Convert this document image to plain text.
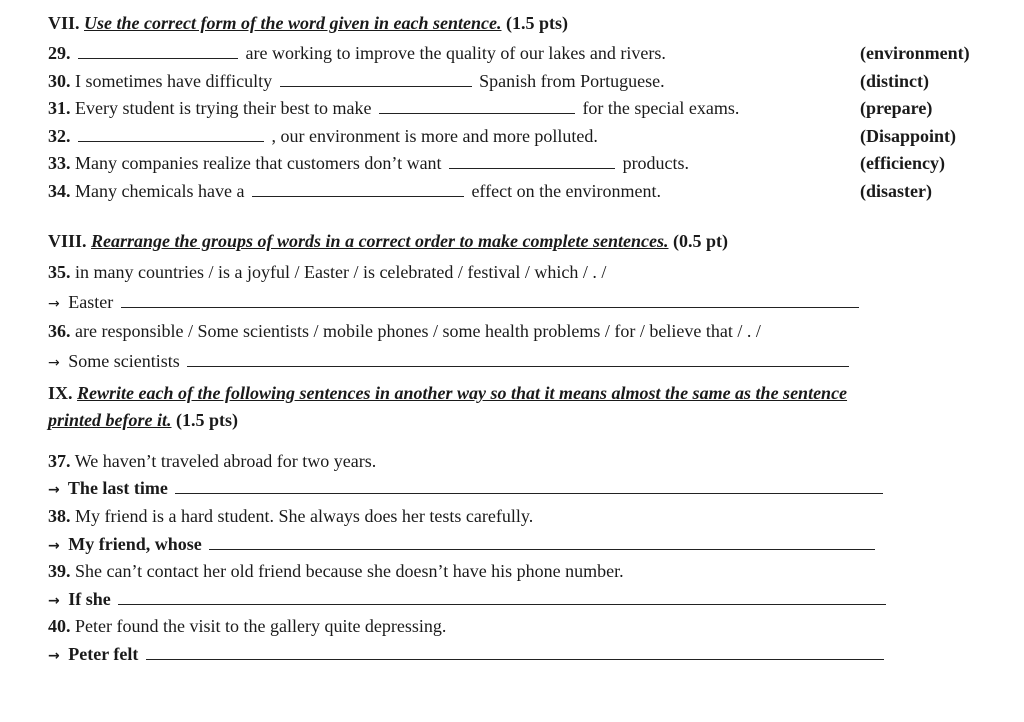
VII. Use the correct form of the word given in each sentence. (1.5 pts)
29.	are working to improve the quality of our lakes and rivers.	(environment)
30. I sometimes have difficulty	Spanish from Portuguese.	(distinct)
31. Every student is trying their best to make	for the special exams.	(prepare)
32.	, our environment is more and more polluted.	(Disappoint)
33. Many companies realize that customers don’t want	products.	(efficiency)
34. Many chemicals have a	effect on the environment.	(disaster)
VIII. Rearrange the groups of words in a correct order to make complete sentences. (0.5 pt)
35. in many countries / is a joyful / Easter / is celebrated / festival / which / . /
→ Easter
36. are responsible / Some scientists / mobile phones / some health problems / for / believe that / . /
→ Some scientists
IX. Rewrite each of the following sentences in another way so that it means almost the same as the sentence
printed before it. (1.5 pts)
37. We haven’t traveled abroad for two years.
→ The last time
38. My friend is a hard student. She always does her tests carefully.
→ My friend, whose
39. She can’t contact her old friend because she doesn’t have his phone number.
→ If she
40. Peter found the visit to the gallery quite depressing.
→ Peter felt
